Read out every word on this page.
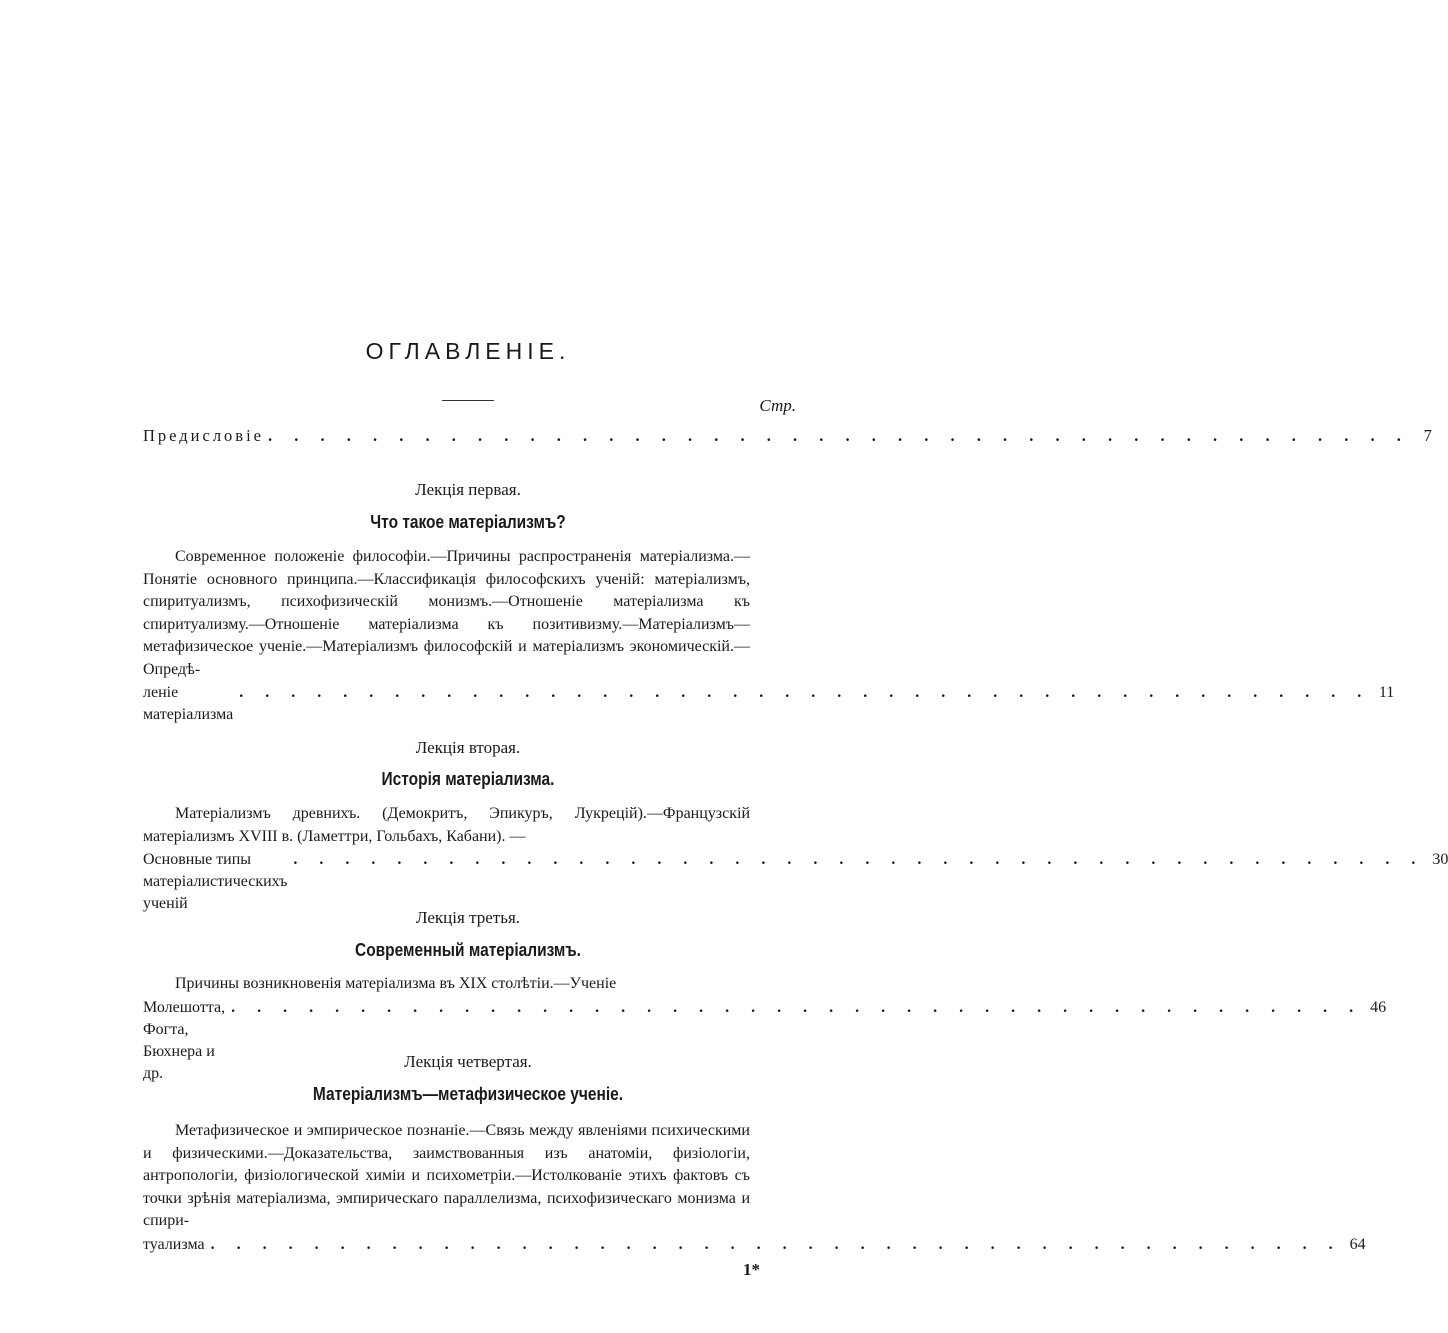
ОГЛАВЛЕНІЕ.
Стр.
Предисловіе . . . . . . . . . . . . . . . . . . . . . . . . . . . . . . . . . . . . . . . . . . . . 7
Лекція первая.
Что такое матеріализмъ?

Современное положеніе философіи.—Причины распространенія матеріализма.—Понятіе основного принципа.—Классификація философскихъ ученій: матеріализмъ, спиритуализмъ, психофизическій монизмъ.—Отношеніе матеріализма къ спиритуализму.—Отношеніе матеріализма къ позитивизму.—Матеріализмъ—метафизическое ученіе.—Матеріализмъ философскій и матеріализмъ экономическій.—Опредѣ-

леніе матеріализма
. . . . . . . . . . . . . . . . . . . . . . . . . . . . . . . . . . . . . . . . . . . . 11
Лекція вторая.
Исторія матеріализма.

Матеріализмъ древнихъ. (Демокритъ, Эпикуръ, Лукрецій).—Французскій матеріализмъ XVIII в. (Ламеттри, Гольбахъ, Кабани). —

Основные типы матеріалистическихъ ученій
. . . . . . . . . . . . . . . . . . . . . . . . . . . . . . . . . . . . . . . . . . . . 30
Лекція третья.
Современный матеріализмъ.

Причины возникновенія матеріализма въ XIX столѣтіи.—Ученіе

Молешотта, Фогта, Бюхнера и др.
. . . . . . . . . . . . . . . . . . . . . . . . . . . . . . . . . . . . . . . . . . . . 46
Лекція четвертая.
Матеріализмъ—метафизическое ученіе.

Метафизическое и эмпирическое познаніе.—Связь между явленіями психическими и физическими.—Доказательства, заимствованныя изъ анатоміи, физіологіи, антропологіи, физіологической химіи и психометріи.—Истолкованіе этихъ фактовъ съ точки зрѣнія матеріализма, эмпирическаго параллелизма, психофизическаго монизма и спири-

туализма . . . . . . . . . . . . . . . . . . . . . . . . . . . . . . . . . . . . . . . . . . . . 64
1*
